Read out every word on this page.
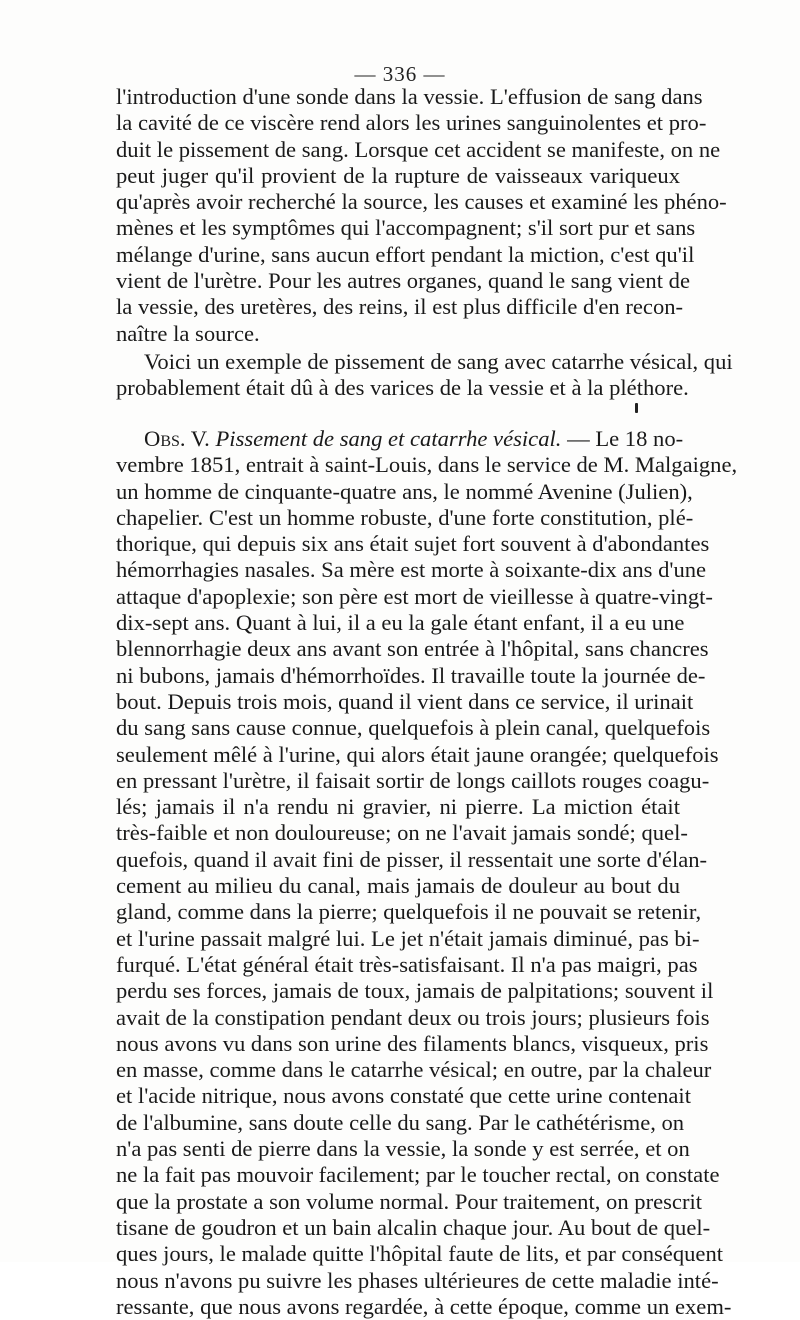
— 336 —
l'introduction d'une sonde dans la vessie. L'effusion de sang dans
la cavité de ce viscère rend alors les urines sanguinolentes et pro-
duit le pissement de sang. Lorsque cet accident se manifeste, on ne
peut juger qu'il provient de la rupture de vaisseaux variqueux
qu'après avoir recherché la source, les causes et examiné les phéno-
mènes et les symptômes qui l'accompagnent; s'il sort pur et sans
mélange d'urine, sans aucun effort pendant la miction, c'est qu'il
vient de l'urètre. Pour les autres organes, quand le sang vient de
la vessie, des uretères, des reins, il est plus difficile d'en recon-
naître la source.
Voici un exemple de pissement de sang avec catarrhe vésical, qui
probablement était dû à des varices de la vessie et à la pléthore.
Obs. V. Pissement de sang et catarrhe vésical. — Le 18 no-
vembre 1851, entrait à saint-Louis, dans le service de M. Malgaigne,
un homme de cinquante-quatre ans, le nommé Avenine (Julien),
chapelier. C'est un homme robuste, d'une forte constitution, plé-
thorique, qui depuis six ans était sujet fort souvent à d'abondantes
hémorrhagies nasales. Sa mère est morte à soixante-dix ans d'une
attaque d'apoplexie; son père est mort de vieillesse à quatre-vingt-
dix-sept ans. Quant à lui, il a eu la gale étant enfant, il a eu une
blennorrhagie deux ans avant son entrée à l'hôpital, sans chancres
ni bubons, jamais d'hémorrhoïdes. Il travaille toute la journée de-
bout. Depuis trois mois, quand il vient dans ce service, il urinait
du sang sans cause connue, quelquefois à plein canal, quelquefois
seulement mêlé à l'urine, qui alors était jaune orangée; quelquefois
en pressant l'urètre, il faisait sortir de longs caillots rouges coagu-
lés; jamais il n'a rendu ni gravier, ni pierre. La miction était
très-faible et non douloureuse; on ne l'avait jamais sondé; quel-
quefois, quand il avait fini de pisser, il ressentait une sorte d'élan-
cement au milieu du canal, mais jamais de douleur au bout du
gland, comme dans la pierre; quelquefois il ne pouvait se retenir,
et l'urine passait malgré lui. Le jet n'était jamais diminué, pas bi-
furqué. L'état général était très-satisfaisant. Il n'a pas maigri, pas
perdu ses forces, jamais de toux, jamais de palpitations; souvent il
avait de la constipation pendant deux ou trois jours; plusieurs fois
nous avons vu dans son urine des filaments blancs, visqueux, pris
en masse, comme dans le catarrhe vésical; en outre, par la chaleur
et l'acide nitrique, nous avons constaté que cette urine contenait
de l'albumine, sans doute celle du sang. Par le cathétérisme, on
n'a pas senti de pierre dans la vessie, la sonde y est serrée, et on
ne la fait pas mouvoir facilement; par le toucher rectal, on constate
que la prostate a son volume normal. Pour traitement, on prescrit
tisane de goudron et un bain alcalin chaque jour. Au bout de quel-
ques jours, le malade quitte l'hôpital faute de lits, et par conséquent
nous n'avons pu suivre les phases ultérieures de cette maladie inté-
ressante, que nous avons regardée, à cette époque, comme un exem-
